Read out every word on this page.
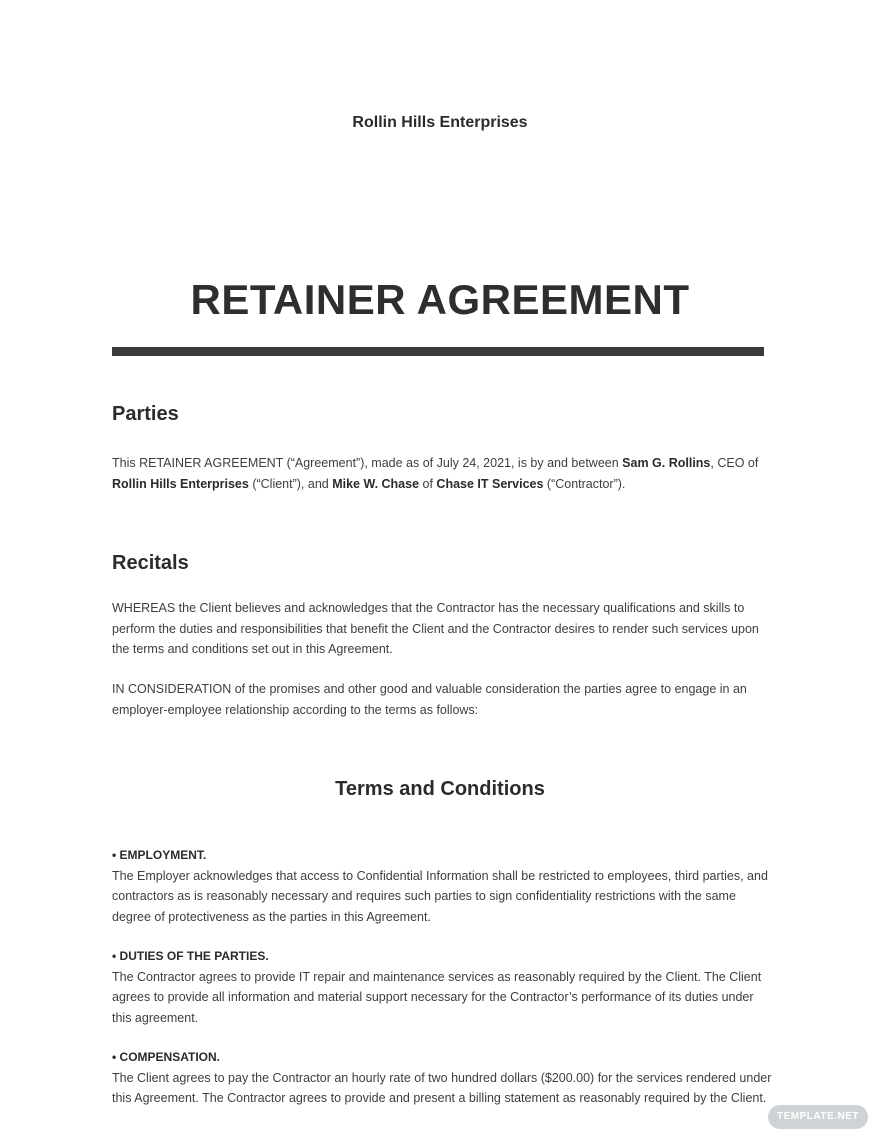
Rollin Hills Enterprises
RETAINER AGREEMENT
Parties
This RETAINER AGREEMENT (“Agreement”), made as of July 24, 2021, is by and between Sam G. Rollins, CEO of Rollin Hills Enterprises (“Client”), and Mike W. Chase of Chase IT Services (“Contractor”).
Recitals
WHEREAS the Client believes and acknowledges that the Contractor has the necessary qualifications and skills to perform the duties and responsibilities that benefit the Client and the Contractor desires to render such services upon the terms and conditions set out in this Agreement.
IN CONSIDERATION of the promises and other good and valuable consideration the parties agree to engage in an employer-employee relationship according to the terms as follows:
Terms and Conditions
• EMPLOYMENT.
The Employer acknowledges that access to Confidential Information shall be restricted to employees, third parties, and contractors as is reasonably necessary and requires such parties to sign confidentiality restrictions with the same degree of protectiveness as the parties in this Agreement.
• DUTIES OF THE PARTIES.
The Contractor agrees to provide IT repair and maintenance services as reasonably required by the Client. The Client agrees to provide all information and material support necessary for the Contractor’s performance of its duties under this agreement.
• COMPENSATION.
The Client agrees to pay the Contractor an hourly rate of two hundred dollars ($200.00) for the services rendered under this Agreement. The Contractor agrees to provide and present a billing statement as reasonably required by the Client.
TEMPLATE.NET
